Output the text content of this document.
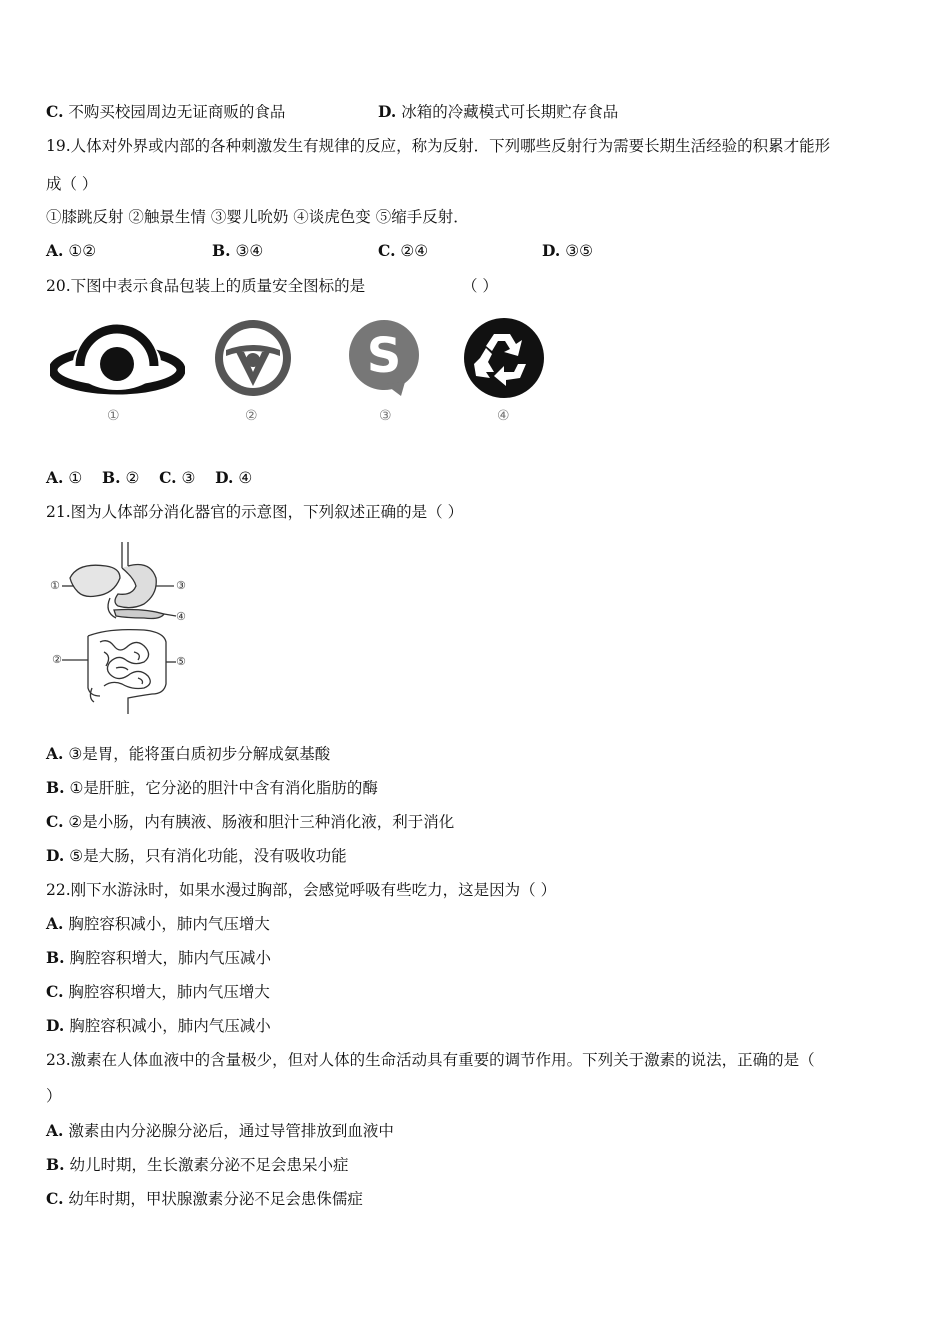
C. 不购买校园周边无证商贩的食品	D. 冰箱的冷藏模式可长期贮存食品
19.人体对外界或内部的各种刺激发生有规律的反应，称为反射．下列哪些反射行为需要长期生活经验的积累才能形
成（ ）
①膝跳反射 ②触景生情 ③婴儿吮奶 ④谈虎色变 ⑤缩手反射．
A. ①②	B. ③④	C. ②④	D. ③⑤
20.下图中表示食品包装上的质量安全图标的是	（ ）
①	②
S
③	④
A. ① B. ② C. ③ D. ④
21.图为人体部分消化器官的示意图，下列叙述正确的是（ ）
①	③
④
②	⑤
A. ③是胃，能将蛋白质初步分解成氨基酸
B. ①是肝脏，它分泌的胆汁中含有消化脂肪的酶
C. ②是小肠，内有胰液、肠液和胆汁三种消化液，利于消化
D. ⑤是大肠，只有消化功能，没有吸收功能
22.刚下水游泳时，如果水漫过胸部，会感觉呼吸有些吃力，这是因为（ ）
A. 胸腔容积减小，肺内气压增大
B. 胸腔容积增大，肺内气压减小
C. 胸腔容积增大，肺内气压增大
D. 胸腔容积减小，肺内气压减小
23.激素在人体血液中的含量极少，但对人体的生命活动具有重要的调节作用。下列关于激素的说法，正确的是（
）
A. 激素由内分泌腺分泌后，通过导管排放到血液中
B. 幼儿时期，生长激素分泌不足会患呆小症
C. 幼年时期，甲状腺激素分泌不足会患侏儒症
